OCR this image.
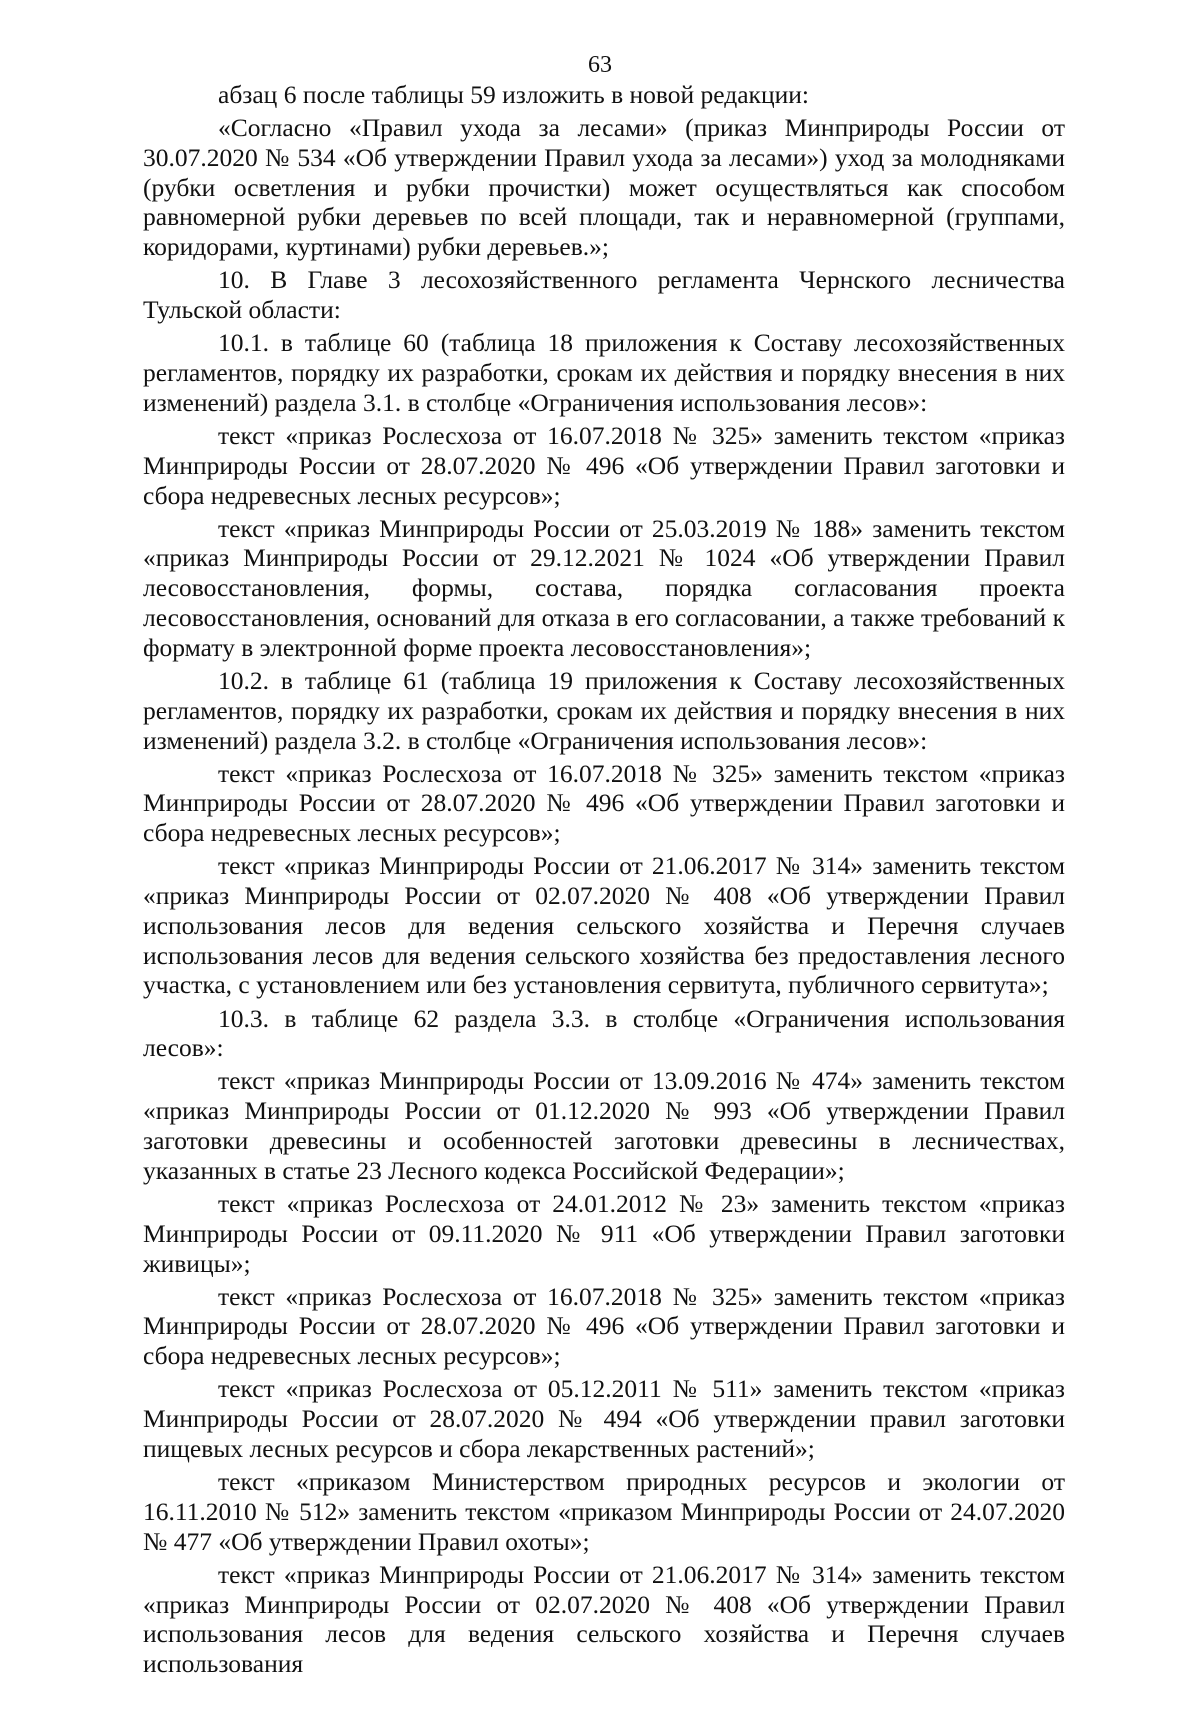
63

абзац 6 после таблицы 59 изложить в новой редакции:

«Согласно «Правил ухода за лесами» (приказ Минприроды России от 30.07.2020 № 534 «Об утверждении Правил ухода за лесами») уход за молодняками (рубки осветления и рубки прочистки) может осуществляться как способом равномерной рубки деревьев по всей площади, так и неравномерной (группами, коридорами, куртинами) рубки деревьев.»;

10. В Главе 3 лесохозяйственного регламента Чернского лесничества Тульской области:

10.1. в таблице 60 (таблица 18 приложения к Составу лесохозяйственных регламентов, порядку их разработки, срокам их действия и порядку внесения в них изменений) раздела 3.1. в столбце «Ограничения использования лесов»:

текст «приказ Рослесхоза от 16.07.2018 № 325» заменить текстом «приказ Минприроды России от 28.07.2020 № 496 «Об утверждении Правил заготовки и сбора недревесных лесных ресурсов»;

текст «приказ Минприроды России от 25.03.2019 № 188» заменить текстом «приказ Минприроды России от 29.12.2021 № 1024 «Об утверждении Правил лесовосстановления, формы, состава, порядка согласования проекта лесовосстановления, оснований для отказа в его согласовании, а также требований к формату в электронной форме проекта лесовосстановления»;

10.2. в таблице 61 (таблица 19 приложения к Составу лесохозяйственных регламентов, порядку их разработки, срокам их действия и порядку внесения в них изменений) раздела 3.2. в столбце «Ограничения использования лесов»:

текст «приказ Рослесхоза от 16.07.2018 № 325» заменить текстом «приказ Минприроды России от 28.07.2020 № 496 «Об утверждении Правил заготовки и сбора недревесных лесных ресурсов»;

текст «приказ Минприроды России от 21.06.2017 № 314» заменить текстом «приказ Минприроды России от 02.07.2020 № 408 «Об утверждении Правил использования лесов для ведения сельского хозяйства и Перечня случаев использования лесов для ведения сельского хозяйства без предоставления лесного участка, с установлением или без установления сервитута, публичного сервитута»;

10.3. в таблице 62 раздела 3.3. в столбце «Ограничения использования лесов»:

текст «приказ Минприроды России от 13.09.2016 № 474» заменить текстом «приказ Минприроды России от 01.12.2020 № 993 «Об утверждении Правил заготовки древесины и особенностей заготовки древесины в лесничествах, указанных в статье 23 Лесного кодекса Российской Федерации»;

текст «приказ Рослесхоза от 24.01.2012 № 23» заменить текстом «приказ Минприроды России от 09.11.2020 № 911 «Об утверждении Правил заготовки живицы»;

текст «приказ Рослесхоза от 16.07.2018 № 325» заменить текстом «приказ Минприроды России от 28.07.2020 № 496 «Об утверждении Правил заготовки и сбора недревесных лесных ресурсов»;

текст «приказ Рослесхоза от 05.12.2011 № 511» заменить текстом «приказ Минприроды России от 28.07.2020 № 494 «Об утверждении правил заготовки пищевых лесных ресурсов и сбора лекарственных растений»;

текст «приказом Министерством природных ресурсов и экологии от 16.11.2010 № 512» заменить текстом «приказом Минприроды России от 24.07.2020 № 477 «Об утверждении Правил охоты»;

текст «приказ Минприроды России от 21.06.2017 № 314» заменить текстом «приказ Минприроды России от 02.07.2020 № 408 «Об утверждении Правил использования лесов для ведения сельского хозяйства и Перечня случаев использования
